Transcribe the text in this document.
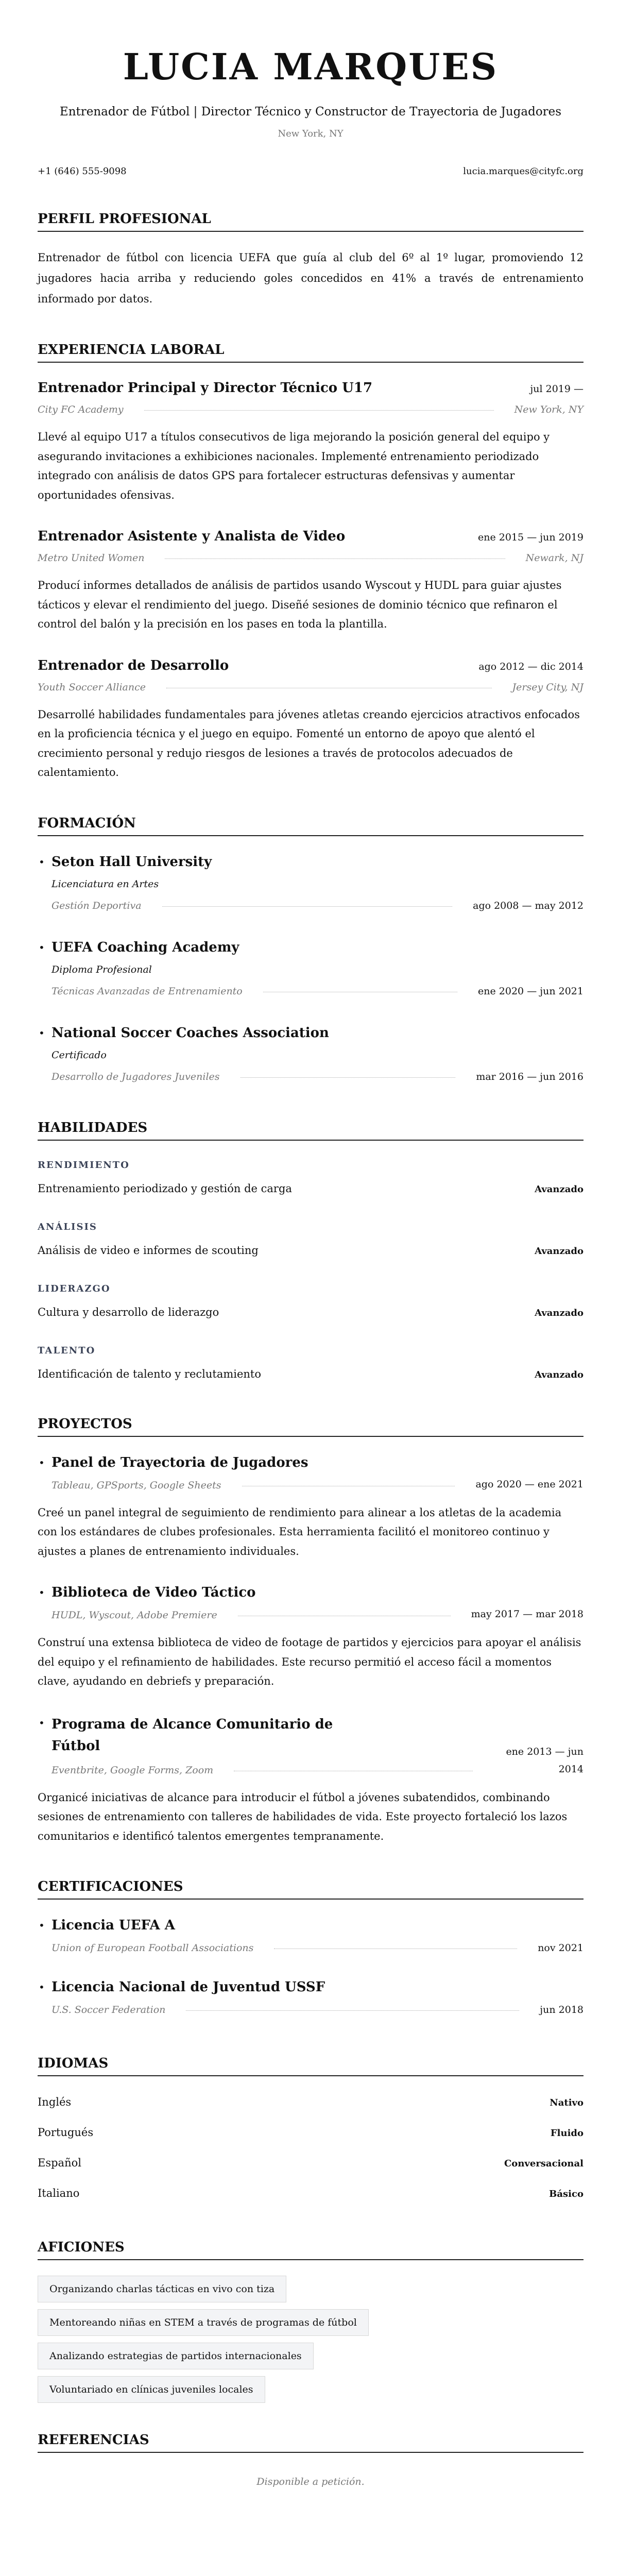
LUCIA MARQUES
Entrenador de Fútbol | Director Técnico y Constructor de Trayectoria de Jugadores
New York, NY
+1 (646) 555-9098	lucia.marques@cityfc.org
PERFIL PROFESIONAL

Entrenador de fútbol con licencia UEFA que guía al club del 6º al 1º lugar, promoviendo 12 jugadores hacia arriba y reduciendo goles concedidos en 41% a través de entrenamiento informado por datos.

EXPERIENCIA LABORAL
Entrenador Principal y Director Técnico U17	jul 2019 —
City FC Academy	New York, NY

Llevé al equipo U17 a títulos consecutivos de liga mejorando la posición general del equipo y asegurando invitaciones a exhibiciones nacionales. Implementé entrenamiento periodizado integrado con análisis de datos GPS para fortalecer estructuras defensivas y aumentar oportunidades ofensivas.

Entrenador Asistente y Analista de Video	ene 2015 — jun 2019
Metro United Women	Newark, NJ

Producí informes detallados de análisis de partidos usando Wyscout y HUDL para guiar ajustes tácticos y elevar el rendimiento del juego. Diseñé sesiones de dominio técnico que refinaron el control del balón y la precisión en los pases en toda la plantilla.

Entrenador de Desarrollo	ago 2012 — dic 2014
Youth Soccer Alliance	Jersey City, NJ

Desarrollé habilidades fundamentales para jóvenes atletas creando ejercicios atractivos enfocados en la proficiencia técnica y el juego en equipo. Fomenté un entorno de apoyo que alentó el crecimiento personal y redujo riesgos de lesiones a través de protocolos adecuados de calentamiento.

FORMACIÓN
• Seton Hall University
Licenciatura en Artes
Gestión Deportiva	ago 2008 — may 2012
• UEFA Coaching Academy
Diploma Profesional
Técnicas Avanzadas de Entrenamiento	ene 2020 — jun 2021
• National Soccer Coaches Association
Certificado
Desarrollo de Jugadores Juveniles	mar 2016 — jun 2016
HABILIDADES
RENDIMIENTO
Entrenamiento periodizado y gestión de carga	Avanzado
ANÁLISIS
Análisis de video e informes de scouting	Avanzado
LIDERAZGO
Cultura y desarrollo de liderazgo	Avanzado
TALENTO
Identificación de talento y reclutamiento	Avanzado
PROYECTOS
• Panel de Trayectoria de Jugadores
Tableau, GPSports, Google Sheets	ago 2020 — ene 2021

Creé un panel integral de seguimiento de rendimiento para alinear a los atletas de la academia con los estándares de clubes profesionales. Esta herramienta facilitó el monitoreo continuo y ajustes a planes de entrenamiento individuales.

• Biblioteca de Video Táctico
HUDL, Wyscout, Adobe Premiere	may 2017 — mar 2018

Construí una extensa biblioteca de video de footage de partidos y ejercicios para apoyar el análisis del equipo y el refinamiento de habilidades. Este recurso permitió el acceso fácil a momentos clave, ayudando en debriefs y preparación.

• Programa de Alcance Comunitario de Fútbol
Eventbrite, Google Forms, Zoom
ene 2013 — jun 2014

Organicé iniciativas de alcance para introducir el fútbol a jóvenes subatendidos, combinando sesiones de entrenamiento con talleres de habilidades de vida. Este proyecto fortaleció los lazos comunitarios e identificó talentos emergentes tempranamente.

CERTIFICACIONES
• Licencia UEFA A
Union of European Football Associations	nov 2021
• Licencia Nacional de Juventud USSF
U.S. Soccer Federation	jun 2018
IDIOMAS
Inglés	Nativo
Portugués	Fluido
Español	Conversacional
Italiano	Básico
AFICIONES
Organizando charlas tácticas en vivo con tiza
Mentoreando niñas en STEM a través de programas de fútbol
Analizando estrategias de partidos internacionales
Voluntariado en clínicas juveniles locales
REFERENCIAS

Disponible a petición.
